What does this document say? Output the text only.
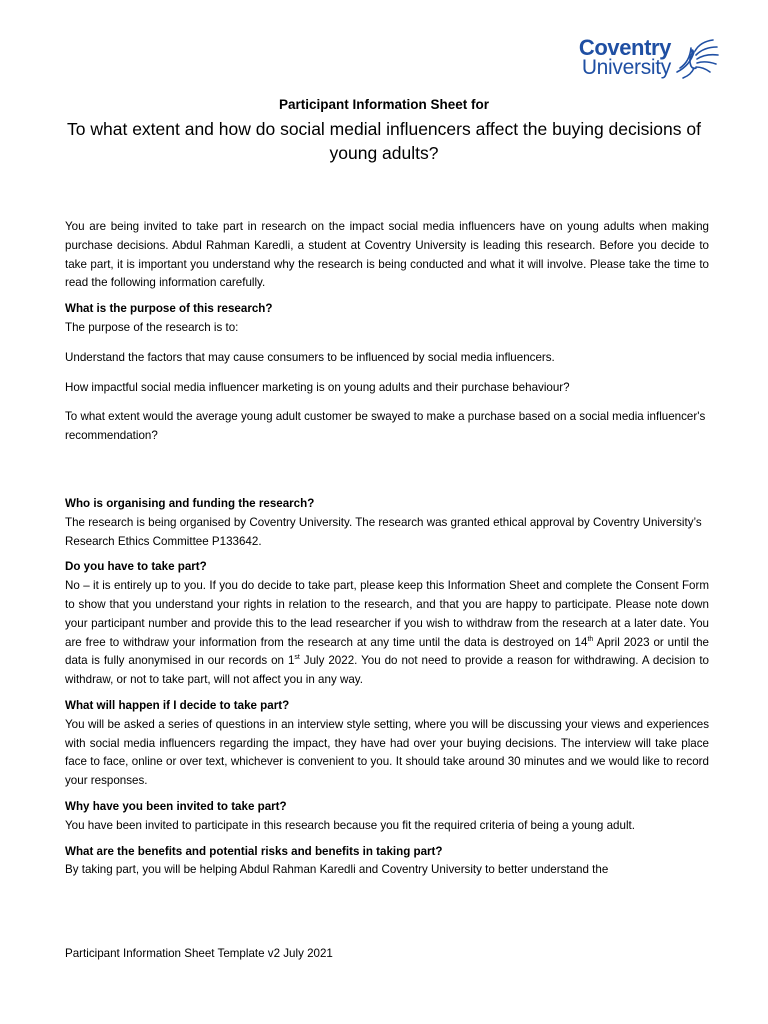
Coventry
University
Participant Information Sheet for
To what extent and how do social medial influencers affect the buying decisions of young adults?

You are being invited to take part in research on the impact social media influencers have on young adults when making purchase decisions. Abdul Rahman Karedli, a student at Coventry University is leading this research. Before you decide to take part, it is important you understand why the research is being conducted and what it will involve. Please take the time to read the following information carefully.

What is the purpose of this research?

The purpose of the research is to:

Understand the factors that may cause consumers to be influenced by social media influencers.

How impactful social media influencer marketing is on young adults and their purchase behaviour?

To what extent would the average young adult customer be swayed to make a purchase based on a social media influencer's recommendation?

Who is organising and funding the research?

The research is being organised by Coventry University. The research was granted ethical approval by Coventry University’s Research Ethics Committee P133642.

Do you have to take part?

No – it is entirely up to you. If you do decide to take part, please keep this Information Sheet and complete the Consent Form to show that you understand your rights in relation to the research, and that you are happy to participate. Please note down your participant number and provide this to the lead researcher if you wish to withdraw from the research at a later date. You are free to withdraw your information from the research at any time until the data is destroyed on 14th April 2023 or until the data is fully anonymised in our records on 1st July 2022. You do not need to provide a reason for withdrawing. A decision to withdraw, or not to take part, will not affect you in any way.

What will happen if I decide to take part?

You will be asked a series of questions in an interview style setting, where you will be discussing your views and experiences with social media influencers regarding the impact, they have had over your buying decisions. The interview will take place face to face, online or over text, whichever is convenient to you. It should take around 30 minutes and we would like to record your responses.

Why have you been invited to take part?

You have been invited to participate in this research because you fit the required criteria of being a young adult.

What are the benefits and potential risks and benefits in taking part?

By taking part, you will be helping Abdul Rahman Karedli and Coventry University to better understand the

Participant Information Sheet Template v2 July 2021
